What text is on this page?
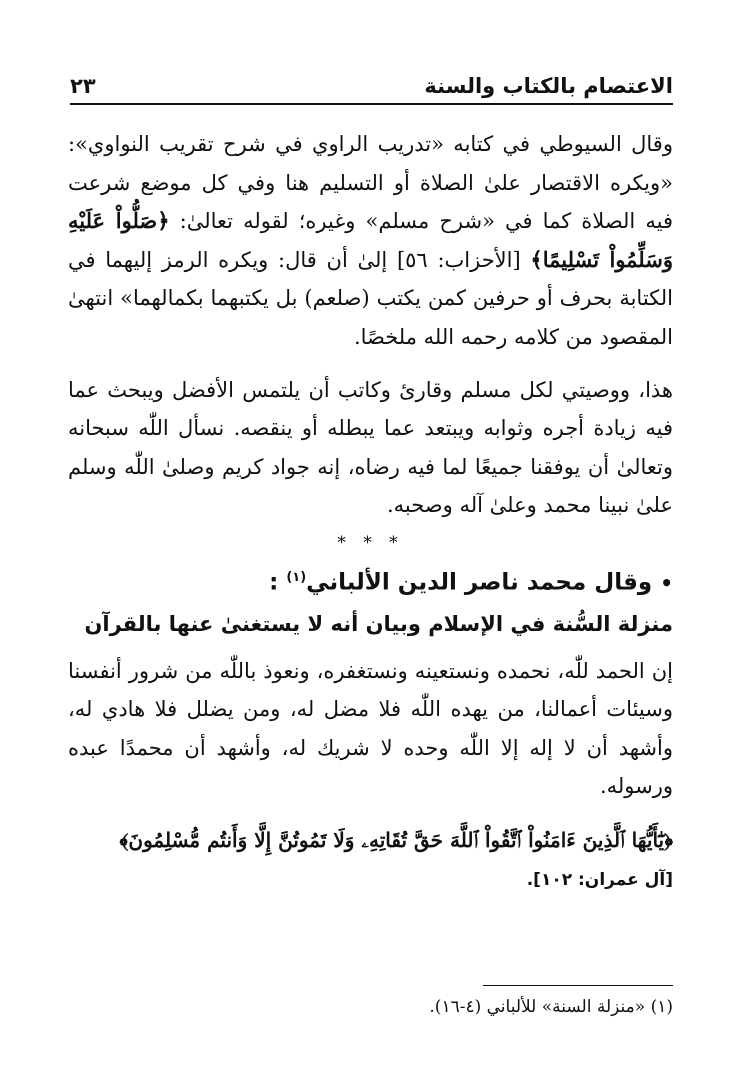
الاعتصام بالكتاب والسنة
٢٣

وقال السيوطي في كتابه «تدريب الراوي في شرح تقريب النواوي»: «ويكره الاقتصار علىٰ الصلاة أو التسليم هنا وفي كل موضع شرعت فيه الصلاة كما في «شرح مسلم» وغيره؛ لقوله تعالىٰ: ﴿صَلُّواْ عَلَيْهِ وَسَلِّمُواْ تَسْلِيمًا﴾ [الأحزاب: ٥٦] إلىٰ أن قال: ويكره الرمز إليهما في الكتابة بحرف أو حرفين كمن يكتب (صلعم) بل يكتبهما بكمالهما» انتهىٰ المقصود من كلامه رحمه الله ملخصًا.

هذا، ووصيتي لكل مسلم وقارئ وكاتب أن يلتمس الأفضل ويبحث عما فيه زيادة أجره وثوابه ويبتعد عما يبطله أو ينقصه. نسأل اللّٰه سبحانه وتعالىٰ أن يوفقنا جميعًا لما فيه رضاه، إنه جواد كريم وصلىٰ اللّٰه وسلم علىٰ نبينا محمد وعلىٰ آله وصحبه.

* * *
•وقال محمد ناصر الدين الألباني$^{(١)}$ :
منزلة السُّنة في الإسلام وبيان أنه لا يستغنىٰ عنها بالقرآن

إن الحمد للّٰه، نحمده ونستعينه ونستغفره، ونعوذ باللّٰه من شرور أنفسنا وسيئات أعمالنا، من يهده اللّٰه فلا مضل له، ومن يضلل فلا هادي له، وأشهد أن لا إله إلا اللّٰه وحده لا شريك له، وأشهد أن محمدًا عبده ورسوله.

﴿يَٰٓأَيُّهَا ٱلَّذِينَ ءَامَنُواْ ٱتَّقُواْ ٱللَّهَ حَقَّ تُقَاتِهِۦ وَلَا تَمُوتُنَّ إِلَّا وَأَنتُم مُّسْلِمُونَ﴾
[آل عمران: ١٠٢].
(١) «منزلة السنة» للألباني (٤-١٦).
